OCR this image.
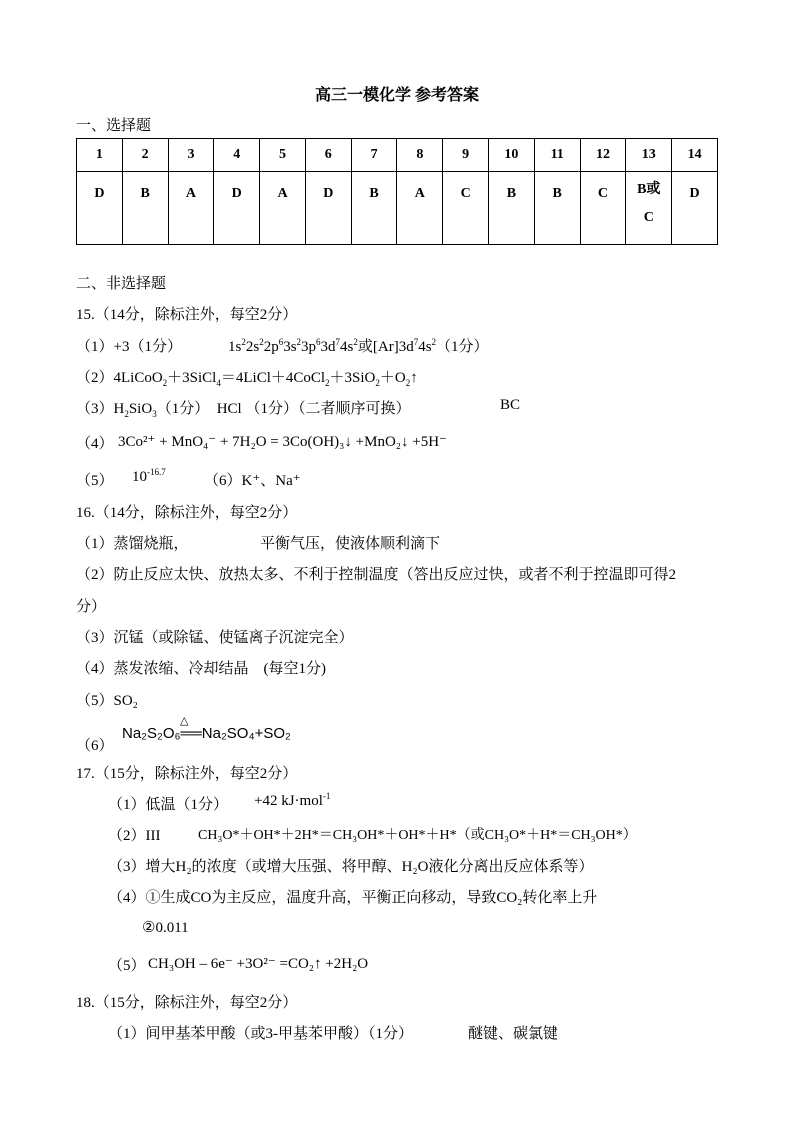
高三一模化学 参考答案
一、选择题
1	2	3	4	5	6	7	8	9	10	11	12	13	14
D	B	A	D	A	D	B	A	C	B	B	C	B或C	D
二、非选择题
15.（14分，除标注外，每空2分）
（1）+3（1分）	$1s^22s^22p^63s^23p^63d^74s^2$或$[Ar]3d^74s^2(1$分）
$(2)4LiCoO_2+3SiCl_4=4LiCl+4CoCl_2+3SiO_2+O_2↑$
$(3)H_2SiO_3(1$分）　HCl （1分）（二者顺序可换）	BC
（4） 3Co²⁺ + MnO₄⁻ + 7H₂O = 3Co(OH)₃↓ +MnO₂↓ +5H⁻
（5） $10^{-16.7}$
（6）K⁺、Na⁺
16.（14分，除标注外，每空2分）
（1）蒸馏烧瓶，	平衡气压，使液体顺利滴下
（2）防止反应太快、放热太多、不利于控制温度（答出反应过快，或者不利于控温即可得2
分）
（3）沉锰（或除锰、使锰离子沉淀完全）
（4）蒸发浓缩、冷却结晶　(每空1分)
（5）SO₂
（6）
△
Na₂S₂O₆══Na₂SO₄+SO₂
17.（15分，除标注外，每空2分）
（1）低温（1分） +42 kJ·mol$^{-1}$
（2）III	CH₃O*＋OH*＋2H*＝CH₃OH*＋OH*＋H*（或CH₃O*＋H*＝CH₃OH*）
（3）增大H₂的浓度（或增大压强、将甲醇、H₂O液化分离出反应体系等）
（4）①生成CO为主反应，温度升高，平衡正向移动，导致CO₂转化率上升
②0.011
（5） CH₃OH – 6e⁻ +3O²⁻ =CO₂↑ +2H₂O
18.（15分，除标注外，每空2分）
（1）间甲基苯甲酸（或3-甲基苯甲酸）（1分）	醚键、碳氯键
